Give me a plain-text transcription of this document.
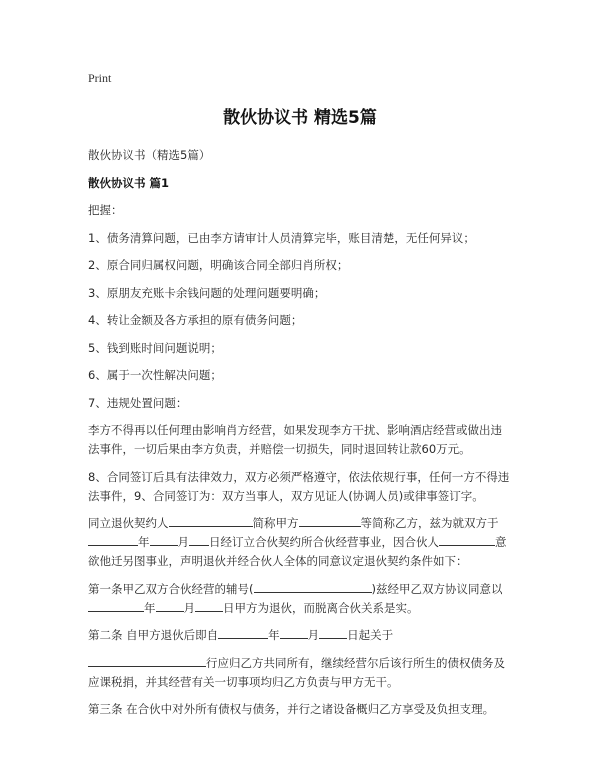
Print
散伙协议书 精选5篇

散伙协议书（精选5篇）

散伙协议书 篇1

把握：

1、债务清算问题，已由李方请审计人员清算完毕，账目清楚，无任何异议；

2、原合同归属权问题，明确该合同全部归肖所权；

3、原朋友充账卡余钱问题的处理问题要明确；

4、转让金额及各方承担的原有债务问题；

5、钱到账时间问题说明；

6、属于一次性解决问题；

7、违规处置问题：

李方不得再以任何理由影响肖方经营，如果发现李方干扰、影响酒店经营或做出违法事件，一切后果由李方负责，并赔偿一切损失，同时退回转让款60万元。

8、合同签订后具有法律效力，双方必须严格遵守，依法依规行事，任何一方不得违法事件，9、合同签订为：双方当事人，双方见证人(协调人员)或律事签订字。

同立退伙契约人	简称甲方	等简称乙方，兹为就双方于
年 月 日经订立合伙契约所合伙经营事业，因合伙人	意欲他迁另图事业，声明退伙并经合伙人全体的同意议定退伙契约条件如下：

第一条甲乙双方合伙经营的辅号(	)兹经甲乙双方协议同意以
年 月 日甲方为退伙，而脱离合伙关系是实。

第二条 自甲方退伙后即自	年 月 日起关于

行应归乙方共同所有，继续经营尔后该行所生的债权债务及应课税捐，并其经营有关一切事项均归乙方负责与甲方无干。

第三条 在合伙中对外所有债权与债务，并行之诸设备概归乙方享受及负担支理。
